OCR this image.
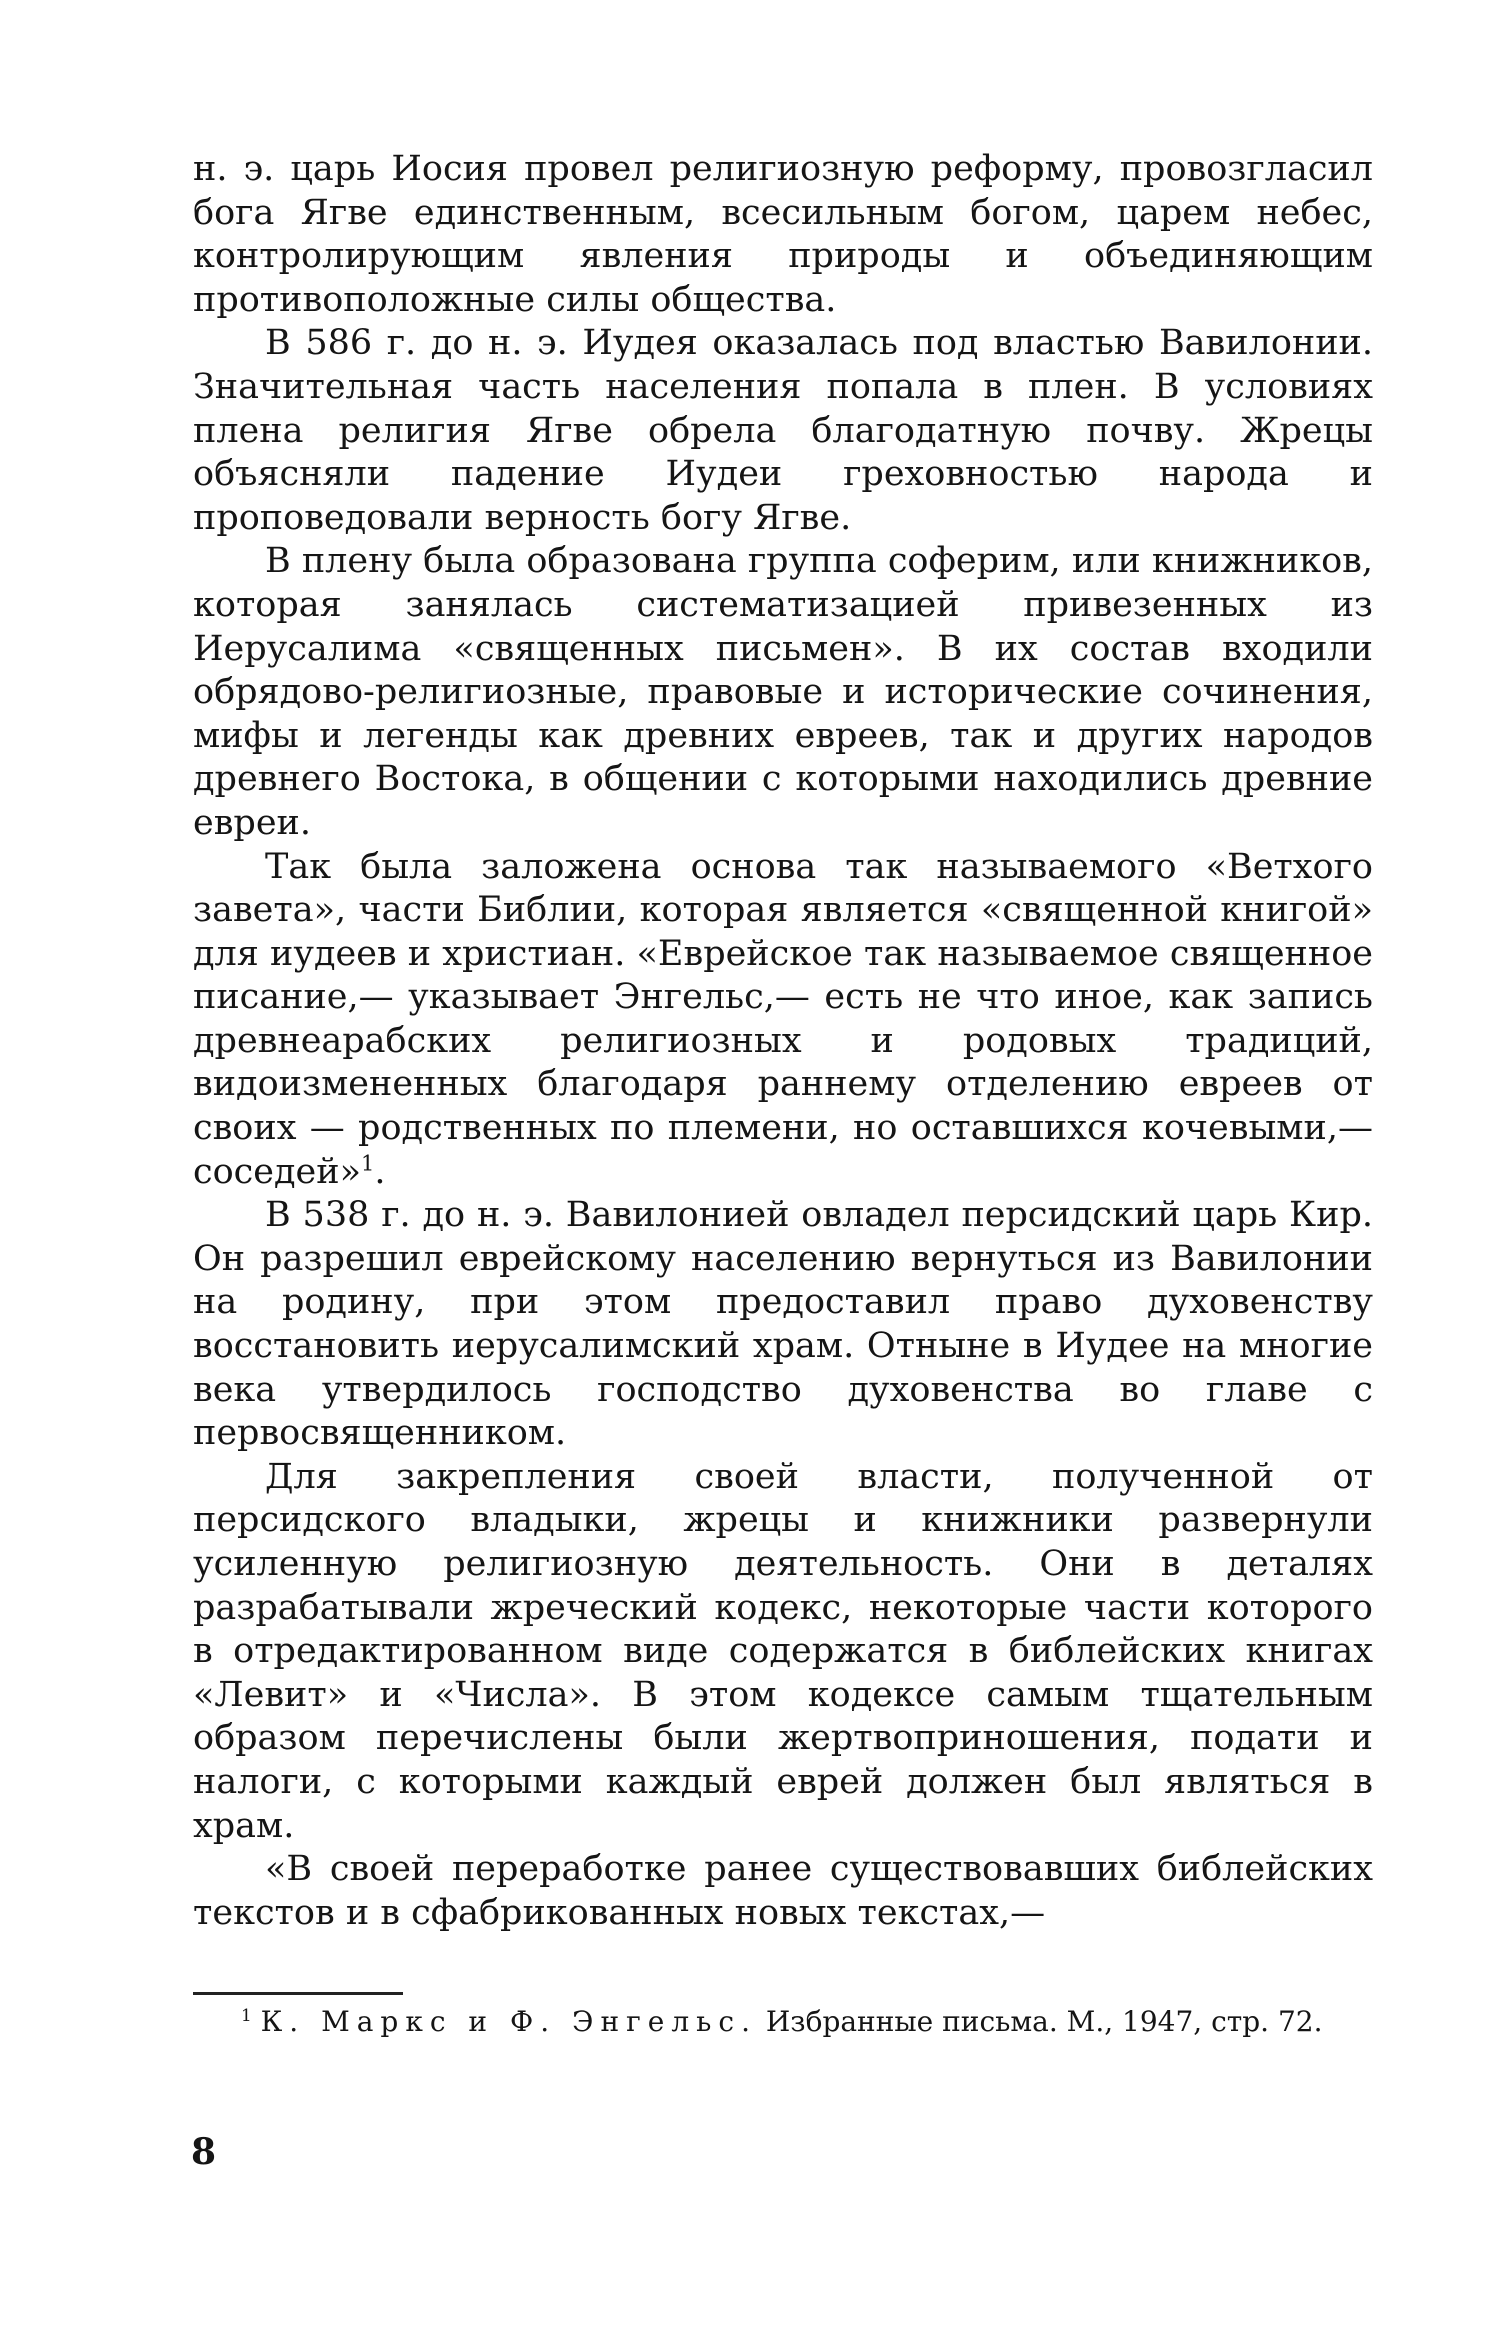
н. э. царь Иосия провел религиозную реформу, провозгласил бога Ягве единственным, всесильным богом, царем небес, контролирующим явления природы и объединяющим противоположные силы общества.

В 586 г. до н. э. Иудея оказалась под властью Вавилонии. Значительная часть населения попала в плен. В условиях плена религия Ягве обрела благодатную почву. Жрецы объясняли падение Иудеи греховностью народа и проповедовали верность богу Ягве.

В плену была образована группа соферим, или книжников, которая занялась систематизацией привезенных из Иерусалима «священных письмен». В их состав входили обрядово-религиозные, правовые и исторические сочинения, мифы и легенды как древних евреев, так и других народов древнего Востока, в общении с которыми находились древние евреи.

Так была заложена основа так называемого «Ветхого завета», части Библии, которая является «священной книгой» для иудеев и христиан. «Еврейское так называемое священное писание,— указывает Энгельс,— есть не что иное, как запись древнеарабских религиозных и родовых традиций, видоизмененных благодаря раннему отделению евреев от своих — родственных по племени, но оставшихся кочевыми,— соседей»$^1$.

В 538 г. до н. э. Вавилонией овладел персидский царь Кир. Он разрешил еврейскому населению вернуться из Вавилонии на родину, при этом предоставил право духовенству восстановить иерусалимский храм. Отныне в Иудее на многие века утвердилось господство духовенства во главе с первосвященником.

Для закрепления своей власти, полученной от персидского владыки, жрецы и книжники развернули усиленную религиозную деятельность. Они в деталях разрабатывали жреческий кодекс, некоторые части которого в отредактированном виде содержатся в библейских книгах «Левит» и «Числа». В этом кодексе самым тщательным образом перечислены были жертвоприношения, подати и налоги, с которыми каждый еврей должен был являться в храм.

«В своей переработке ранее существовавших библейских текстов и в сфабрикованных новых текстах,—

$^1$ К. Маркс и Ф. Энгельс. Избранные письма. М., 1947, стр. 72.

8
